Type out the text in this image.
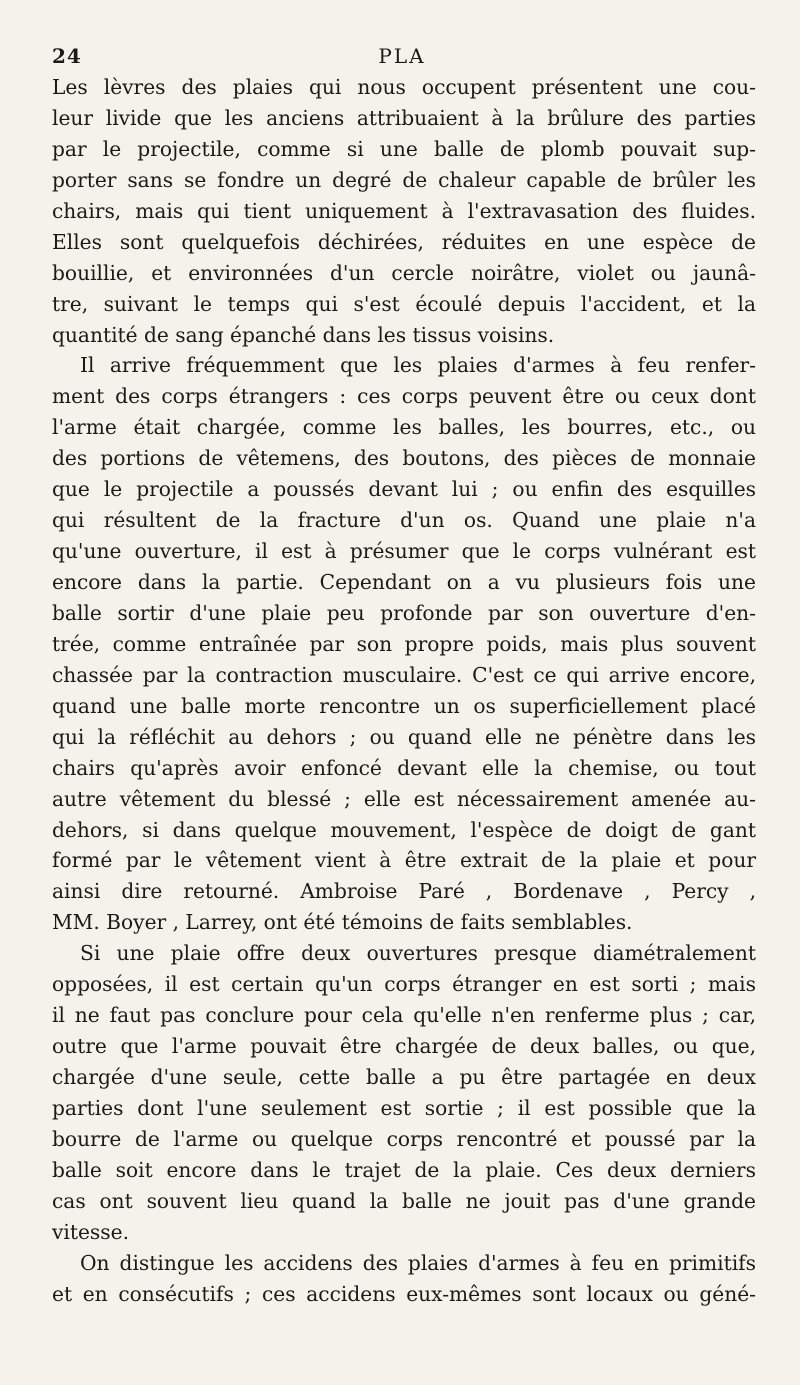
24	PLA
Les lèvres des plaies qui nous occupent présentent une cou-
leur livide que les anciens attribuaient à la brûlure des parties
par le projectile, comme si une balle de plomb pouvait sup-
porter sans se fondre un degré de chaleur capable de brûler les
chairs, mais qui tient uniquement à l'extravasation des fluides.
Elles sont quelquefois déchirées, réduites en une espèce de
bouillie, et environnées d'un cercle noirâtre, violet ou jaunâ-
tre, suivant le temps qui s'est écoulé depuis l'accident, et la
quantité de sang épanché dans les tissus voisins.
Il arrive fréquemment que les plaies d'armes à feu renfer-
ment des corps étrangers : ces corps peuvent être ou ceux dont
l'arme était chargée, comme les balles, les bourres, etc., ou
des portions de vêtemens, des boutons, des pièces de monnaie
que le projectile a poussés devant lui ; ou enfin des esquilles
qui résultent de la fracture d'un os. Quand une plaie n'a
qu'une ouverture, il est à présumer que le corps vulnérant est
encore dans la partie. Cependant on a vu plusieurs fois une
balle sortir d'une plaie peu profonde par son ouverture d'en-
trée, comme entraînée par son propre poids, mais plus souvent
chassée par la contraction musculaire. C'est ce qui arrive encore,
quand une balle morte rencontre un os superficiellement placé
qui la réfléchit au dehors ; ou quand elle ne pénètre dans les
chairs qu'après avoir enfoncé devant elle la chemise, ou tout
autre vêtement du blessé ; elle est nécessairement amenée au-
dehors, si dans quelque mouvement, l'espèce de doigt de gant
formé par le vêtement vient à être extrait de la plaie et pour
ainsi dire retourné. Ambroise Paré , Bordenave , Percy ,
MM. Boyer , Larrey, ont été témoins de faits semblables.
Si une plaie offre deux ouvertures presque diamétralement
opposées, il est certain qu'un corps étranger en est sorti ; mais
il ne faut pas conclure pour cela qu'elle n'en renferme plus ; car,
outre que l'arme pouvait être chargée de deux balles, ou que,
chargée d'une seule, cette balle a pu être partagée en deux
parties dont l'une seulement est sortie ; il est possible que la
bourre de l'arme ou quelque corps rencontré et poussé par la
balle soit encore dans le trajet de la plaie. Ces deux derniers
cas ont souvent lieu quand la balle ne jouit pas d'une grande
vitesse.
On distingue les accidens des plaies d'armes à feu en primitifs
et en consécutifs ; ces accidens eux-mêmes sont locaux ou géné-
